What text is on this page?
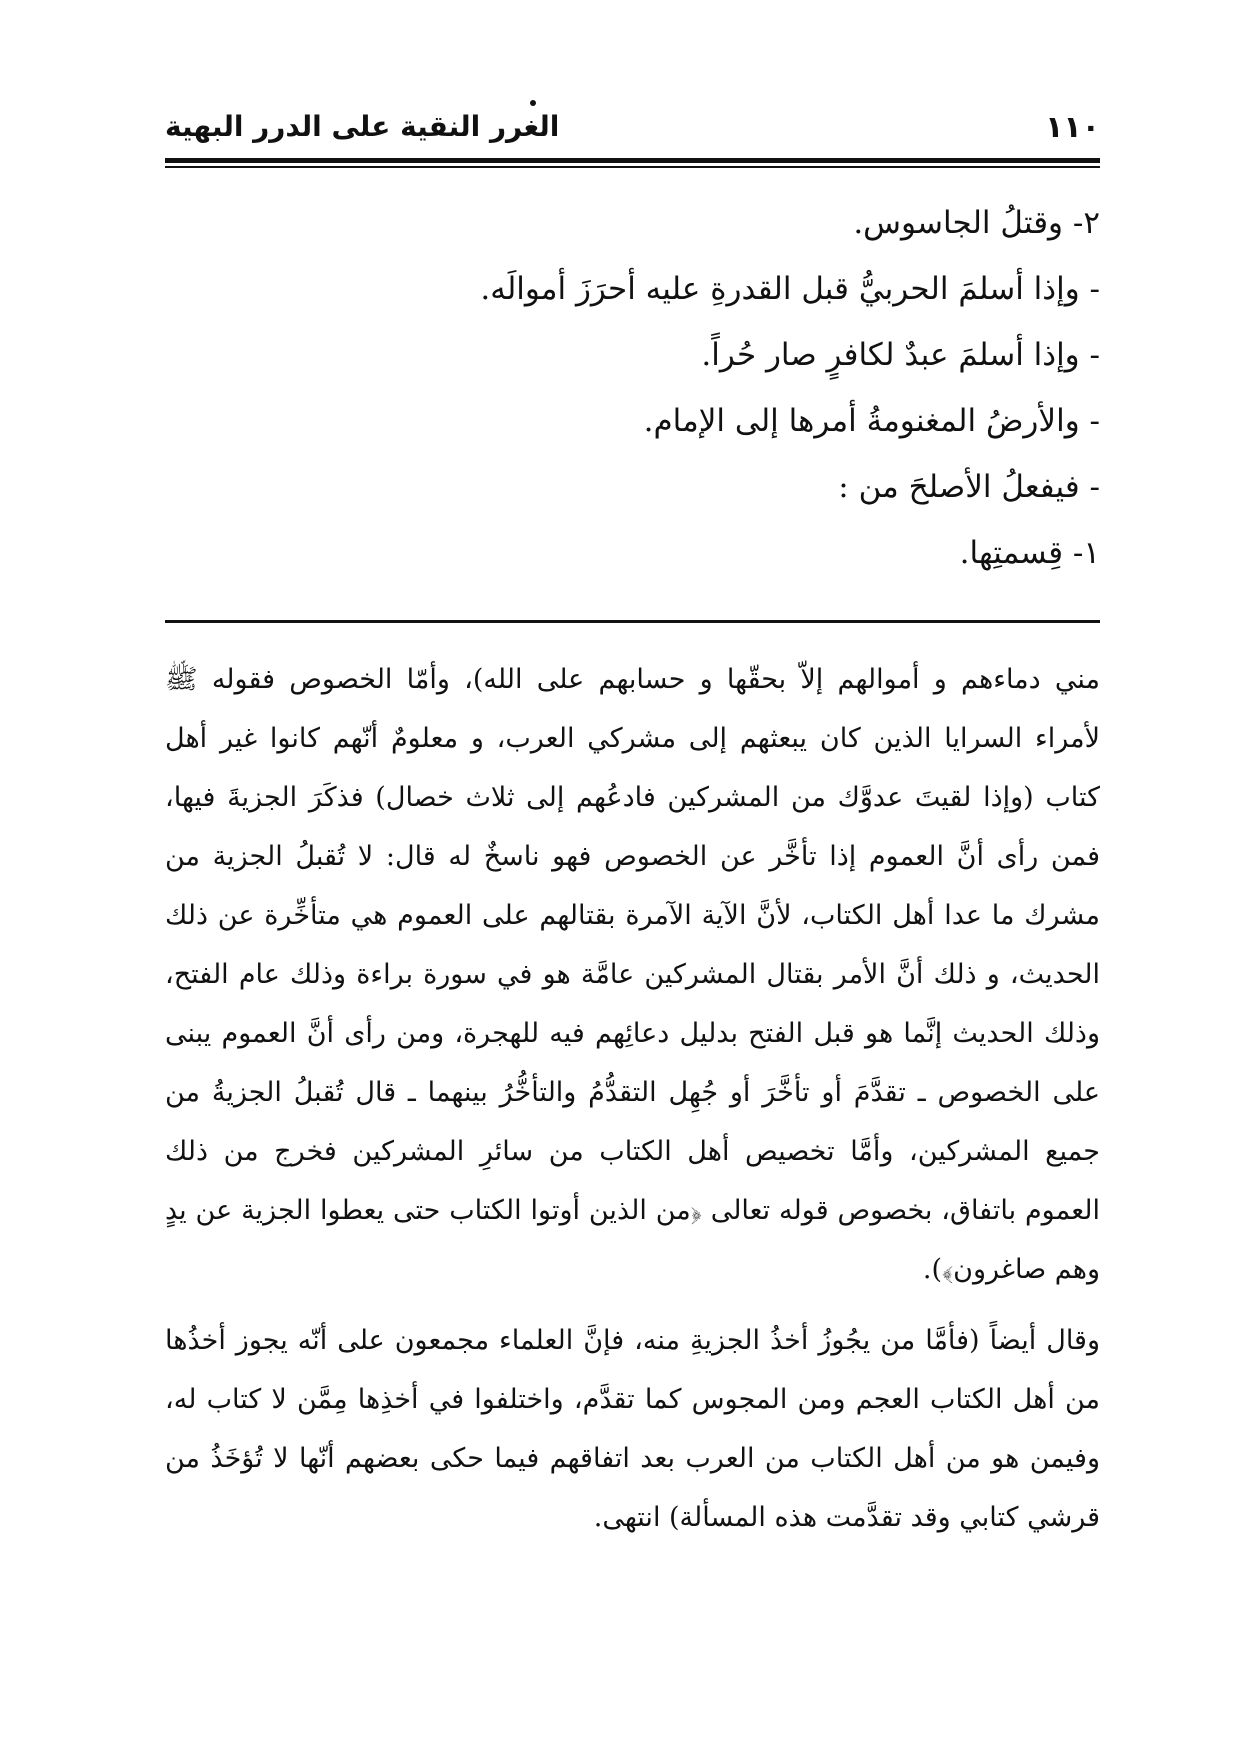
١١٠
الغرر النقية على الدرر البهية
٢- وقتلُ الجاسوس.
- وإذا أسلمَ الحربيُّ قبل القدرةِ عليه أحرَزَ أموالَه.
- وإذا أسلمَ عبدٌ لكافرٍ صار حُراً.
- والأرضُ المغنومةُ أمرها إلى الإمام.
- فيفعلُ الأصلحَ من :
١- قِسمتِها.

مني دماءهم و أموالهم إلاّ بحقّها و حسابهم على الله)، وأمّا الخصوص فقوله ﷺ لأمراء السرايا الذين كان يبعثهم إلى مشركي العرب، و معلومٌ أنّهم كانوا غير أهل كتاب (وإذا لقيتَ عدوَّك من المشركين فادعُهم إلى ثلاث خصال) فذكَرَ الجزيةَ فيها، فمن رأى أنَّ العموم إذا تأخَّر عن الخصوص فهو ناسخٌ له قال: لا تُقبلُ الجزية من مشرك ما عدا أهل الكتاب، لأنَّ الآية الآمرة بقتالهم على العموم هي متأخِّرة عن ذلك الحديث، و ذلك أنَّ الأمر بقتال المشركين عامَّة هو في سورة براءة وذلك عام الفتح، وذلك الحديث إنَّما هو قبل الفتح بدليل دعائِهم فيه للهجرة، ومن رأى أنَّ العموم يبنى على الخصوص ـ تقدَّمَ أو تأخَّرَ أو جُهِل التقدُّمُ والتأخُّرُ بينهما ـ قال تُقبلُ الجزيةُ من جميع المشركين، وأمَّا تخصيص أهل الكتاب من سائرِ المشركين فخرج من ذلك العموم باتفاق، بخصوص قوله تعالى ﴿من الذين أوتوا الكتاب حتى يعطوا الجزية عن يدٍ وهم صاغرون﴾).

وقال أيضاً (فأمَّا من يجُوزُ أخذُ الجزيةِ منه، فإنَّ العلماء مجمعون على أنّه يجوز أخذُها من أهل الكتاب العجم ومن المجوس كما تقدَّم، واختلفوا في أخذِها مِمَّن لا كتاب له، وفيمن هو من أهل الكتاب من العرب بعد اتفاقهم فيما حكى بعضهم أنّها لا تُؤخَذُ من قرشي كتابي وقد تقدَّمت هذه المسألة) انتهى.
